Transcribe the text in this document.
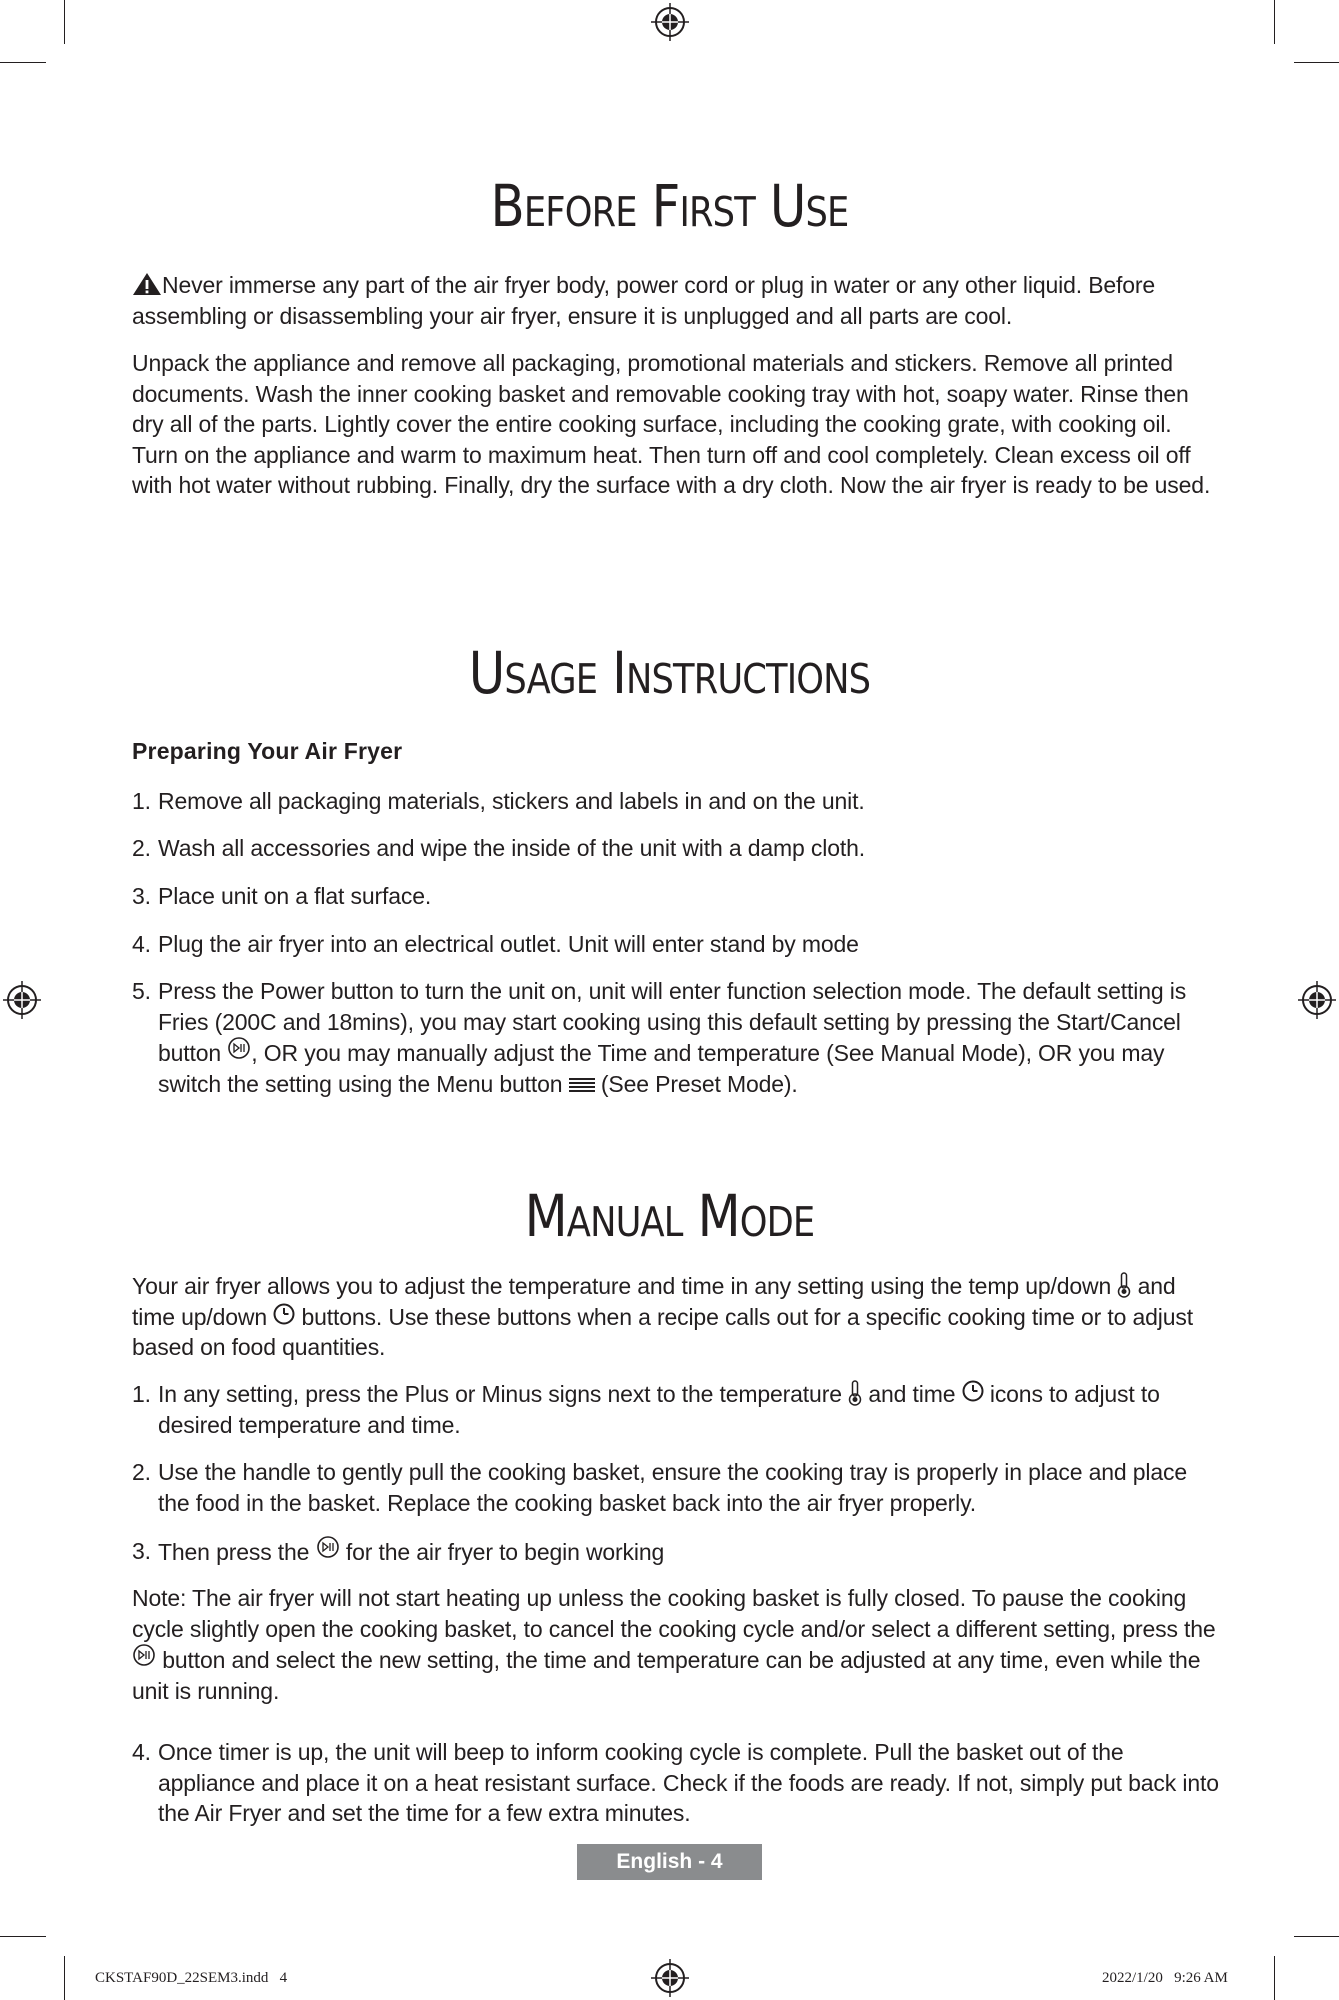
Before First Use

Never immerse any part of the air fryer body, power cord or plug in water or any other liquid. Before assembling or disassembling your air fryer, ensure it is unplugged and all parts are cool.

Unpack the appliance and remove all packaging, promotional materials and stickers. Remove all printed documents. Wash the inner cooking basket and removable cooking tray with hot, soapy water. Rinse then dry all of the parts. Lightly cover the entire cooking surface, including the cooking grate, with cooking oil. Turn on the appliance and warm to maximum heat. Then turn off and cool completely. Clean excess oil off with hot water without rubbing. Finally, dry the surface with a dry cloth. Now the air fryer is ready to be used.

Usage Instructions

Preparing Your Air Fryer

1. Remove all packaging materials, stickers and labels in and on the unit.
2. Wash all accessories and wipe the inside of the unit with a damp cloth.
3. Place unit on a flat surface.
4. Plug the air fryer into an electrical outlet. Unit will enter stand by mode
5. Press the Power button to turn the unit on, unit will enter function selection mode. The default setting is Fries (200C and 18mins), you may start cooking using this default setting by pressing the Start/Cancel button , OR you may manually adjust the Time and temperature (See Manual Mode), OR you may switch the setting using the Menu button (See Preset Mode).
Manual Mode

Your air fryer allows you to adjust the temperature and time in any setting using the temp up/down and time up/down buttons. Use these buttons when a recipe calls out for a specific cooking time or to adjust based on food quantities.

1. In any setting, press the Plus or Minus signs next to the temperature and time icons to adjust to desired temperature and time.
2. Use the handle to gently pull the cooking basket, ensure the cooking tray is properly in place and place the food in the basket. Replace the cooking basket back into the air fryer properly.
3. Then press the for the air fryer to begin working

Note: The air fryer will not start heating up unless the cooking basket is fully closed. To pause the cooking cycle slightly open the cooking basket, to cancel the cooking cycle and/or select a different setting, press the  button and select the new setting, the time and temperature can be adjusted at any time, even while the unit is running.

4. Once timer is up, the unit will beep to inform cooking cycle is complete. Pull the basket out of the appliance and place it on a heat resistant surface. Check if the foods are ready. If not, simply put back into the Air Fryer and set the time for a few extra minutes.
English - 4
CKSTAF90D_22SEM3.indd   4	2022/1/20   9:26 AM
